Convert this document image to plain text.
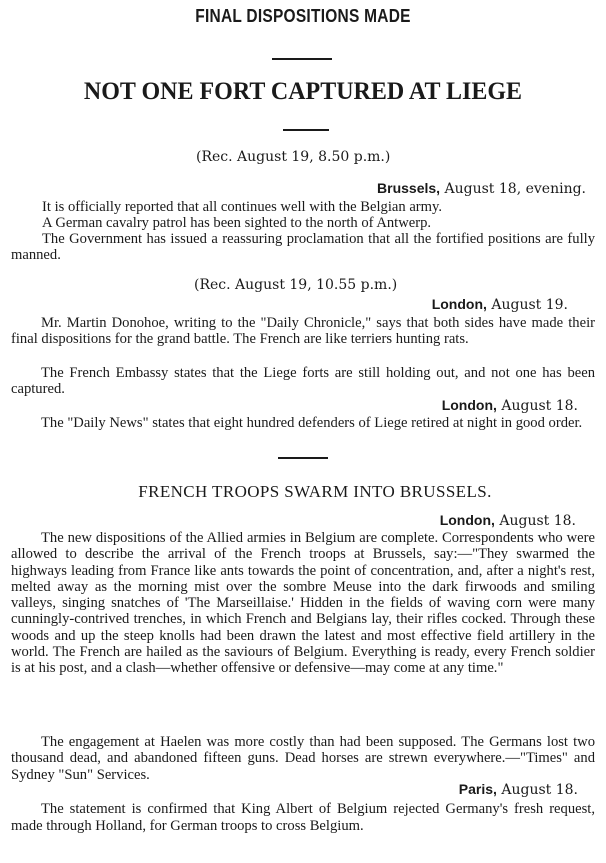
FINAL DISPOSITIONS MADE
NOT ONE FORT CAPTURED AT LIEGE
(Rec. August 19, 8.50 p.m.)
Brussels, August 18, evening.

It is officially reported that all continues well with the Belgian army.

A German cavalry patrol has been sighted to the north of Antwerp.

The Government has issued a reassuring proclamation that all the fortified positions are fully manned.

(Rec. August 19, 10.55 p.m.)
London, August 19.

Mr. Martin Donohoe, writing to the "Daily Chronicle," says that both sides have made their final dispositions for the grand battle. The French are like terriers hunting rats.

The French Embassy states that the Liege forts are still holding out, and not one has been captured.

London, August 18.

The "Daily News" states that eight hundred defenders of Liege retired at night in good order.

FRENCH TROOPS SWARM INTO BRUSSELS.
London, August 18.

The new dispositions of the Allied armies in Belgium are complete. Correspondents who were allowed to describe the arrival of the French troops at Brussels, say:—"They swarmed the highways leading from France like ants towards the point of concentration, and, after a night's rest, melted away as the morning mist over the sombre Meuse into the dark firwoods and smiling valleys, singing snatches of 'The Marseillaise.' Hidden in the fields of waving corn were many cunningly-contrived trenches, in which French and Belgians lay, their rifles cocked. Through these woods and up the steep knolls had been drawn the latest and most effective field artillery in the world. The French are hailed as the saviours of Belgium. Everything is ready, every French soldier is at his post, and a clash—whether offensive or defensive—may come at any time."

The engagement at Haelen was more costly than had been supposed. The Germans lost two thousand dead, and abandoned fifteen guns. Dead horses are strewn everywhere.—"Times" and Sydney "Sun" Services.

Paris, August 18.

The statement is confirmed that King Albert of Belgium rejected Germany's fresh request, made through Holland, for German troops to cross Belgium.
